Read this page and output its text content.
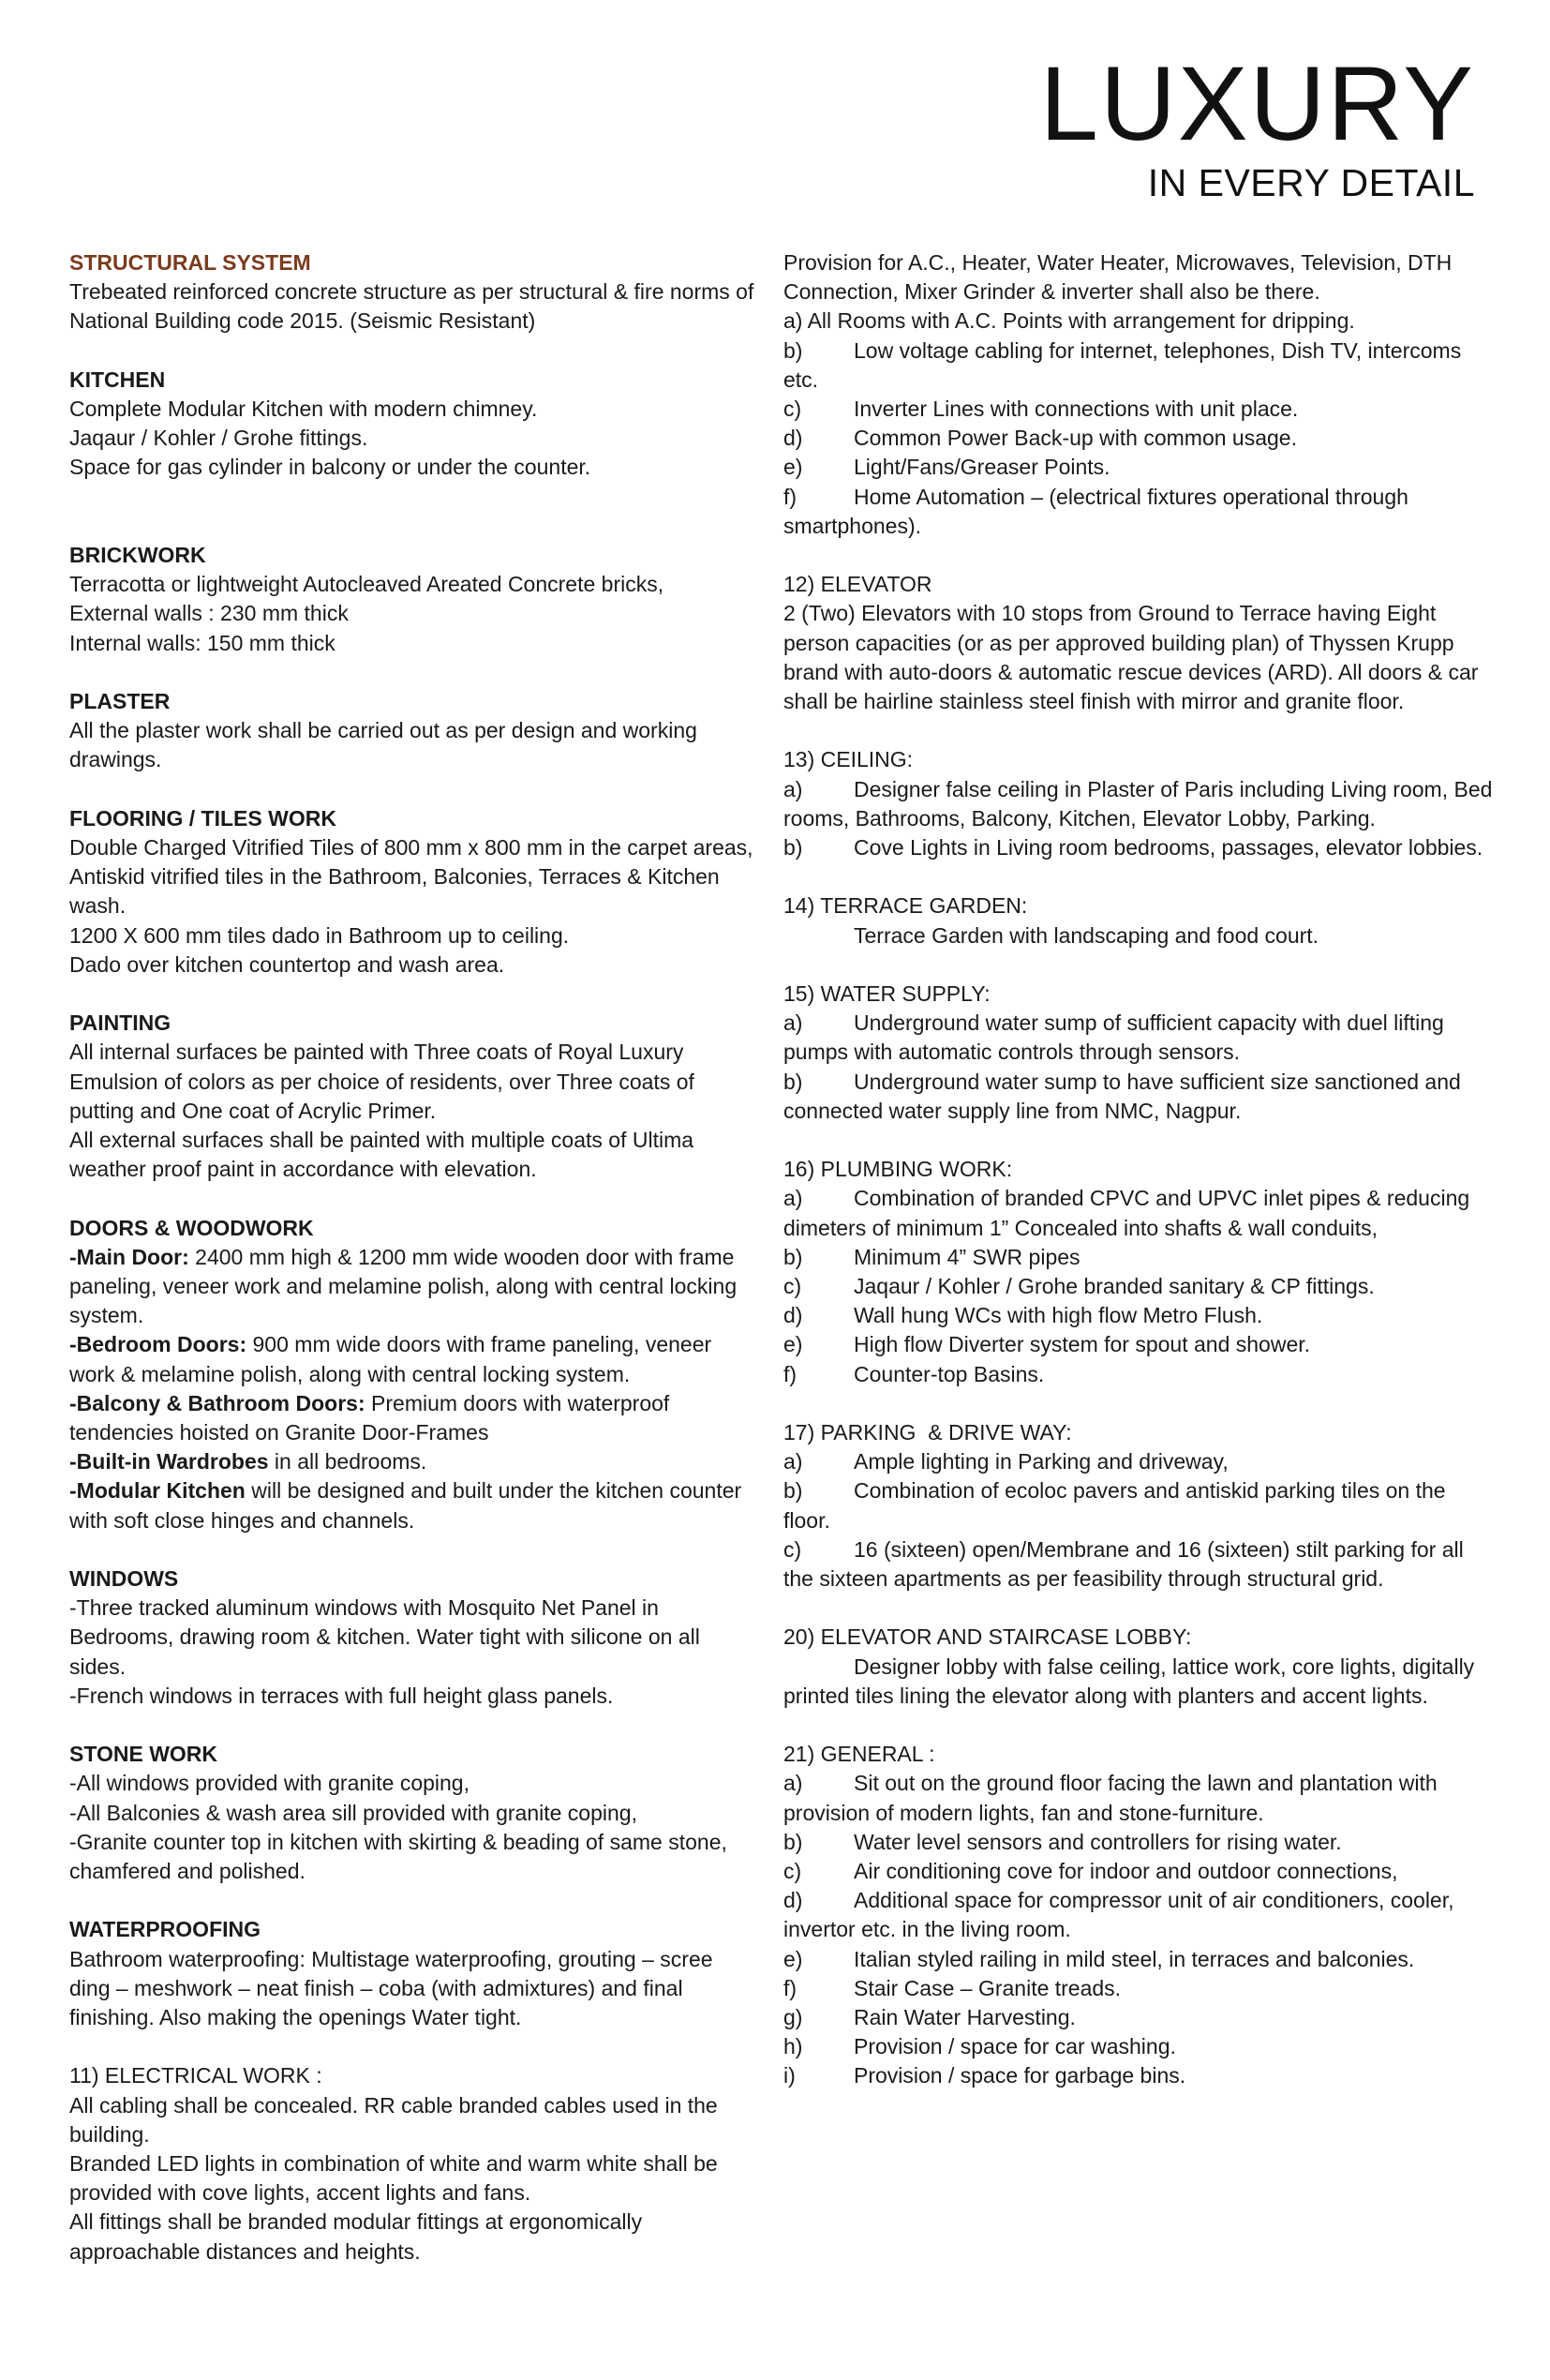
LUXURY
IN EVERY DETAIL

STRUCTURAL SYSTEM

Trebeated reinforced concrete structure as per structural & fire norms of National Building code 2015. (Seismic Resistant)

KITCHEN

Complete Modular Kitchen with modern chimney.

Jaqaur / Kohler / Grohe fittings.

Space for gas cylinder in balcony or under the counter.

BRICKWORK

Terracotta or lightweight Autocleaved Areated Concrete bricks,

External walls : 230 mm thick

Internal walls: 150 mm thick

PLASTER

All the plaster work shall be carried out as per design and working drawings.

FLOORING / TILES WORK

Double Charged Vitrified Tiles of 800 mm x 800 mm in the carpet areas,

Antiskid vitrified tiles in the Bathroom, Balconies, Terraces & Kitchen wash.

1200 X 600 mm tiles dado in Bathroom up to ceiling.

Dado over kitchen countertop and wash area.

PAINTING

All internal surfaces be painted with Three coats of Royal Luxury Emulsion of colors as per choice of residents, over Three coats of putting and One coat of Acrylic Primer.

All external surfaces shall be painted with multiple coats of Ultima weather proof paint in accordance with elevation.

DOORS & WOODWORK

-Main Door: 2400 mm high & 1200 mm wide wooden door with frame paneling, veneer work and melamine polish, along with central locking system.

-Bedroom Doors: 900 mm wide doors with frame paneling, veneer work & melamine polish, along with central locking system.

-Balcony & Bathroom Doors: Premium doors with waterproof tendencies hoisted on Granite Door-Frames

-Built-in Wardrobes in all bedrooms.

-Modular Kitchen will be designed and built under the kitchen counter with soft close hinges and channels.

WINDOWS

-Three tracked aluminum windows with Mosquito Net Panel in Bedrooms, drawing room & kitchen. Water tight with silicone on all sides.

-French windows in terraces with full height glass panels.

STONE WORK

-All windows provided with granite coping,

-All Balconies & wash area sill provided with granite coping,

-Granite counter top in kitchen with skirting & beading of same stone, chamfered and polished.

WATERPROOFING

Bathroom waterproofing: Multistage waterproofing, grouting – scree ding – meshwork – neat finish – coba (with admixtures) and final finishing. Also making the openings Water tight.

11) ELECTRICAL WORK :

All cabling shall be concealed. RR cable branded cables used in the building.

Branded LED lights in combination of white and warm white shall be provided with cove lights, accent lights and fans.

All fittings shall be branded modular fittings at ergonomically approachable distances and heights.

Provision for A.C., Heater, Water Heater, Microwaves, Television, DTH Connection, Mixer Grinder & inverter shall also be there.

a) All Rooms with A.C. Points with arrangement for dripping.

b) Low voltage cabling for internet, telephones, Dish TV, intercoms etc.

c) Inverter Lines with connections with unit place.

d) Common Power Back-up with common usage.

e) Light/Fans/Greaser Points.

f)	Home Automation – (electrical fixtures operational through smartphones).

12) ELEVATOR

2 (Two) Elevators with 10 stops from Ground to Terrace having Eight person capacities (or as per approved building plan) of Thyssen Krupp brand with auto-doors & automatic rescue devices (ARD). All doors & car shall be hairline stainless steel finish with mirror and granite floor.

13) CEILING:

a) Designer false ceiling in Plaster of Paris including Living room, Bed rooms, Bathrooms, Balcony, Kitchen, Elevator Lobby, Parking.

b) Cove Lights in Living room bedrooms, passages, elevator lobbies.

14) TERRACE GARDEN:

Terrace Garden with landscaping and food court.

15) WATER SUPPLY:

a) Underground water sump of sufficient capacity with duel lifting pumps with automatic controls through sensors.

b) Underground water sump to have sufficient size sanctioned and connected water supply line from NMC, Nagpur.

16) PLUMBING WORK:

a) Combination of branded CPVC and UPVC inlet pipes & reducing dimeters of minimum 1” Concealed into shafts & wall conduits,

b) Minimum 4” SWR pipes

c) Jaqaur / Kohler / Grohe branded sanitary & CP fittings.

d) Wall hung WCs with high flow Metro Flush.

e) High flow Diverter system for spout and shower.

f)	Counter-top Basins.

17) PARKING  & DRIVE WAY:

a) Ample lighting in Parking and driveway,

b) Combination of ecoloc pavers and antiskid parking tiles on the floor.

c) 16 (sixteen) open/Membrane and 16 (sixteen) stilt parking for all the sixteen apartments as per feasibility through structural grid.

20) ELEVATOR AND STAIRCASE LOBBY:

Designer lobby with false ceiling, lattice work, core lights, digitally printed tiles lining the elevator along with planters and accent lights.

21) GENERAL :

a) Sit out on the ground floor facing the lawn and plantation with provision of modern lights, fan and stone-furniture.

b) Water level sensors and controllers for rising water.

c) Air conditioning cove for indoor and outdoor connections,

d) Additional space for compressor unit of air conditioners, cooler, invertor etc. in the living room.

e) Italian styled railing in mild steel, in terraces and balconies.

f)	Stair Case – Granite treads.

g) Rain Water Harvesting.

h) Provision / space for car washing.

i)	Provision / space for garbage bins.
